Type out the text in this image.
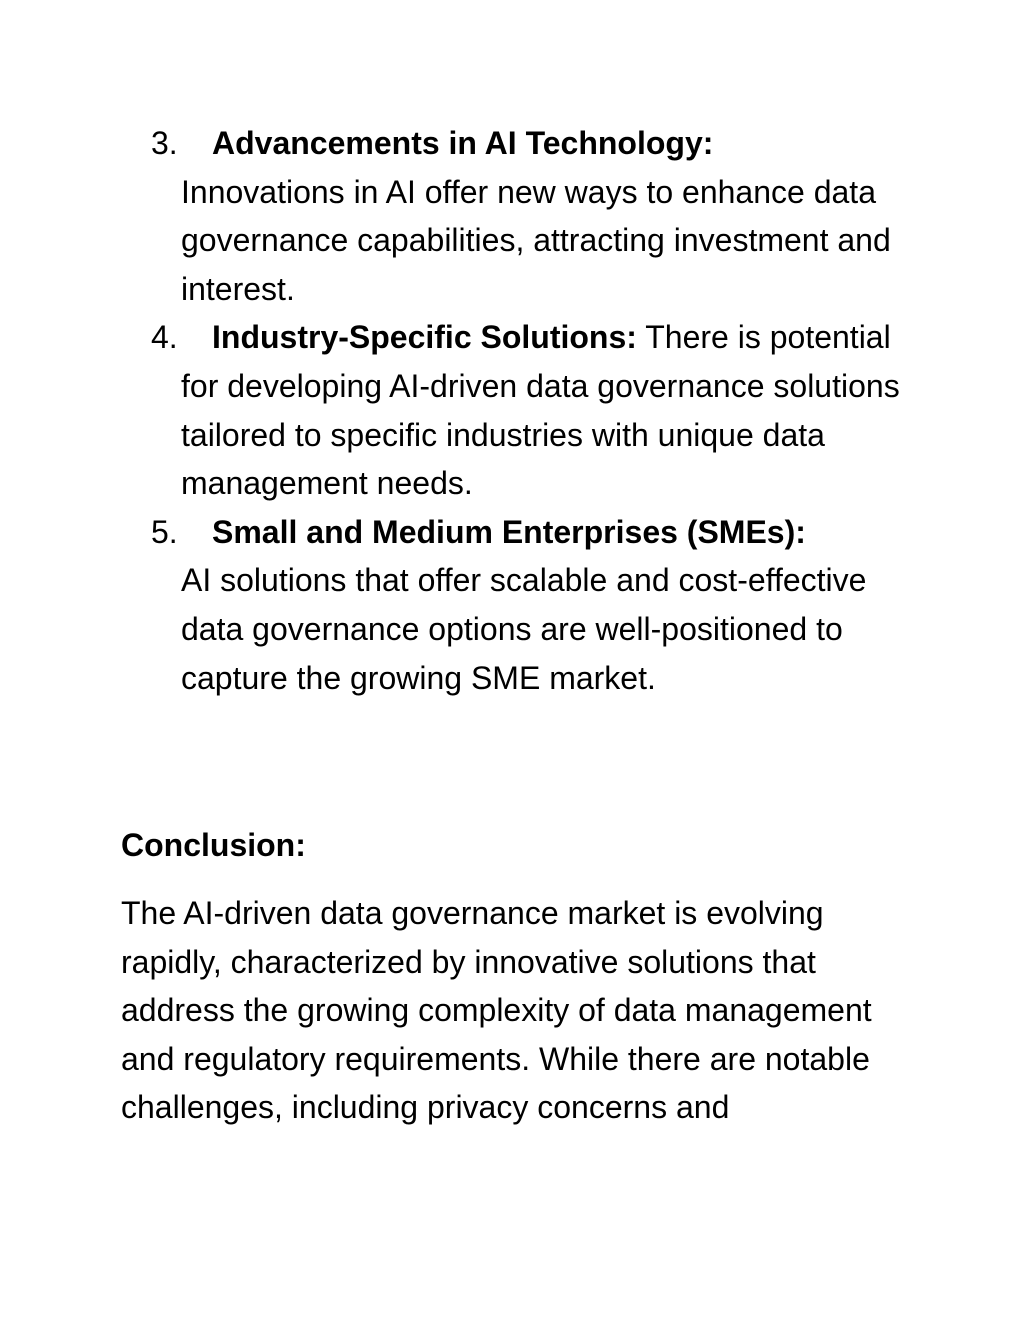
3. Advancements in AI Technology:
Innovations in AI offer new ways to enhance data governance capabilities, attracting investment and interest.
4. Industry-Specific Solutions: There is potential for developing AI-driven data governance solutions tailored to specific industries with unique data management needs.
5. Small and Medium Enterprises (SMEs):
AI solutions that offer scalable and cost-effective data governance options are well-positioned to capture the growing SME market.
Conclusion:
The AI-driven data governance market is evolving rapidly, characterized by innovative solutions that address the growing complexity of data management and regulatory requirements. While there are notable challenges, including privacy concerns and
